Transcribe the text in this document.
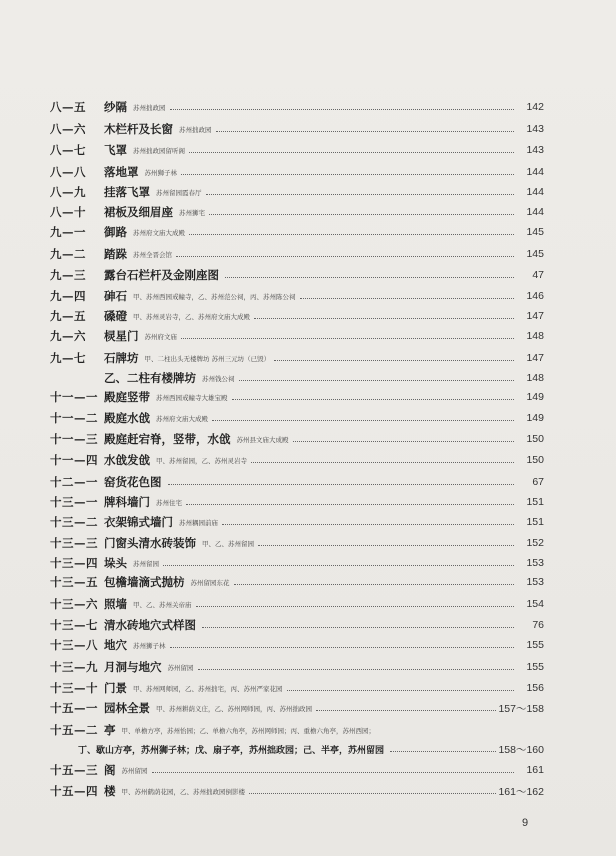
八—五	纱隔 苏州拙政园	142
八—六	木栏杆及长窗 苏州拙政园	143
八—七	飞罩 苏州拙政园留听阁	143
八—八	落地罩 苏州狮子林	144
八—九	挂落飞罩 苏州留园霞春厅	144
八—十	裙板及细眉座 苏州狮宅	144
九—一	御路 苏州府文庙大成殿	145
九—二	踏跺 苏州全晋会馆	145
九—三	露台石栏杆及金刚座图	47
九—四	砷石 甲、苏州西园戒幢寺，乙、苏州范公祠，丙、苏州陈公祠	146
九—五	磉磴 甲、苏州灵岩寺，乙、苏州府文庙大成殿	147
九—六	棂星门 苏州府文庙	148
九—七	石牌坊 甲、二柱出头无楼牌坊 苏州三元坊（已毁）	147
乙、二柱有楼牌坊 苏州钱公祠	148
十一—一 殿庭竖带 苏州西园戒幢寺大雄宝殿	149
十一—二 殿庭水戗 苏州府文庙大成殿	149
十一—三 殿庭赶宕脊，竖带，水戗 苏州县文庙大成殿	150
十一—四 水戗发戗 甲、苏州留园，乙、苏州灵岩寺	150
十二—一 窑货花色图	67
十三—一 牌科墙门 苏州住宅	151
十三—二 衣架锦式墙门 苏州耦园前庙	151
十三—三 门窗头清水砖装饰 甲、乙、苏州留园	152
十三—四 垛头 苏州留园	153
十三—五 包檐墙滴式抛枋 苏州留园东花	153
十三—六 照墙 甲、乙、苏州关帝庙	154
十三—七 清水砖地穴式样图	76
十三—八 地穴 苏州狮子林	155
十三—九 月洞与地穴 苏州留园	155
十三—十 门景 甲、苏州网师园，乙、苏州拙宅，丙、苏州严家花园	156
十五—一 园林全景 甲、苏州耕荫义庄，乙、苏州网师园，丙、苏州拙政园	157～158
十五—二 亭 甲、单檐方亭，苏州怡园；乙、单檐六角亭，苏州网师园；丙、重檐六角亭，苏州西园；
丁、歇山方亭，苏州狮子林；戊、扇子亭，苏州拙政园；己、半亭，苏州留园	158～160
十五—三 阁 苏州留园	161
十五—四 楼 甲、苏州鹤荫花园，乙、苏州拙政园倒影楼	161～162
9
